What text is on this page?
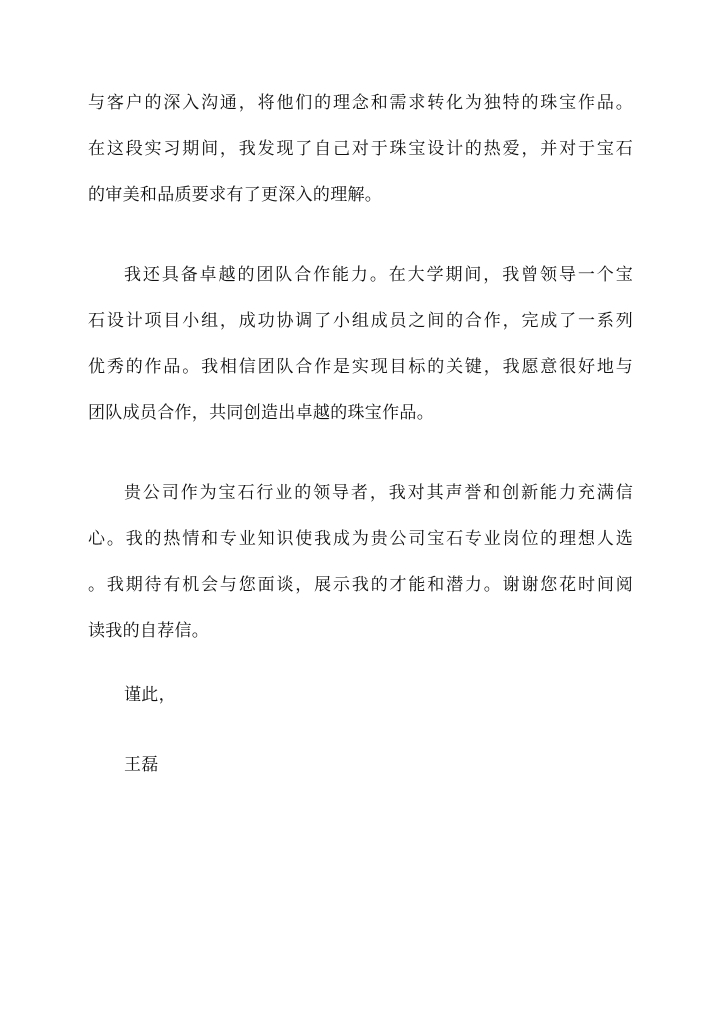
与客户的深入沟通，将他们的理念和需求转化为独特的珠宝作品。
在这段实习期间，我发现了自己对于珠宝设计的热爱，并对于宝石
的审美和品质要求有了更深入的理解。
我还具备卓越的团队合作能力。在大学期间，我曾领导一个宝
石设计项目小组，成功协调了小组成员之间的合作，完成了一系列
优秀的作品。我相信团队合作是实现目标的关键，我愿意很好地与
团队成员合作，共同创造出卓越的珠宝作品。
贵公司作为宝石行业的领导者，我对其声誉和创新能力充满信
心。我的热情和专业知识使我成为贵公司宝石专业岗位的理想人选
。我期待有机会与您面谈，展示我的才能和潜力。谢谢您花时间阅
读我的自荐信。
谨此，
王磊
